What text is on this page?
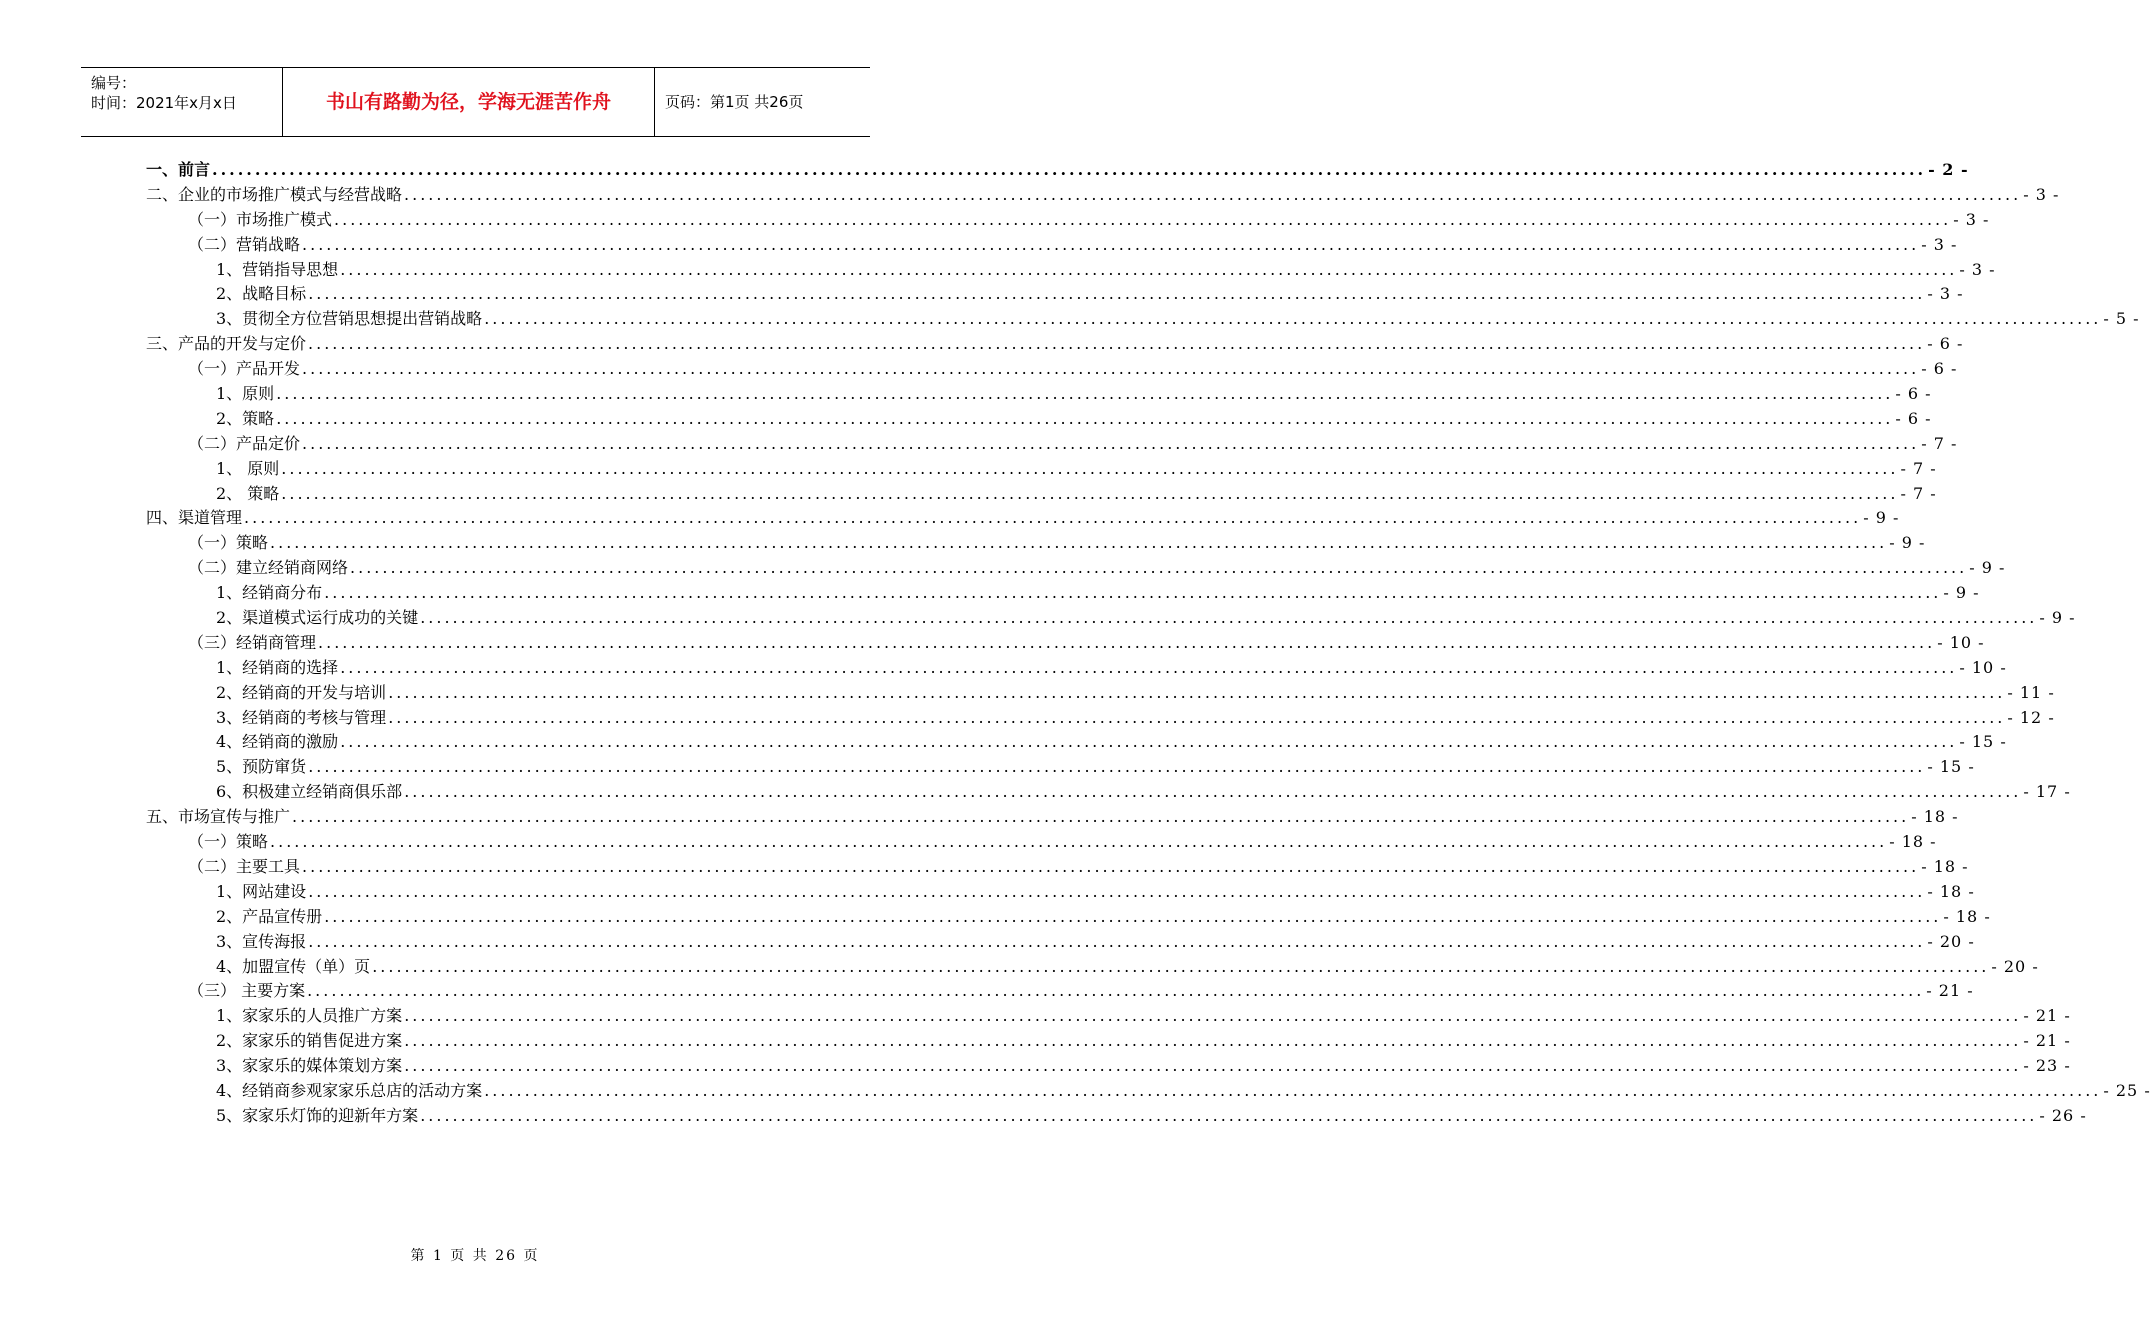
编号：
时间：2021年x月x日	书山有路勤为径，学海无涯苦作舟	页码：第1页 共26页
一、前言 ........................................................................................................................................................................................................ - 2 -
二、企业的市场推广模式与经营战略 ........................................................................................................................................................................................................ - 3 -
（一）市场推广模式 ........................................................................................................................................................................................................ - 3 -
（二）营销战略 ........................................................................................................................................................................................................ - 3 -
1、营销指导思想 ........................................................................................................................................................................................................ - 3 -
2、战略目标 ........................................................................................................................................................................................................ - 3 -
3、贯彻全方位营销思想提出营销战略 ........................................................................................................................................................................................................ - 5 -
三、产品的开发与定价 ........................................................................................................................................................................................................ - 6 -
（一）产品开发 ........................................................................................................................................................................................................ - 6 -
1、原则 ........................................................................................................................................................................................................ - 6 -
2、策略 ........................................................................................................................................................................................................ - 6 -
（二）产品定价 ........................................................................................................................................................................................................ - 7 -
1、 原则 ........................................................................................................................................................................................................ - 7 -
2、 策略 ........................................................................................................................................................................................................ - 7 -
四、渠道管理 ........................................................................................................................................................................................................ - 9 -
（一）策略 ........................................................................................................................................................................................................ - 9 -
（二）建立经销商网络 ........................................................................................................................................................................................................ - 9 -
1、经销商分布 ........................................................................................................................................................................................................ - 9 -
2、渠道模式运行成功的关键 ........................................................................................................................................................................................................ - 9 -
（三）经销商管理 ........................................................................................................................................................................................................ - 10 -
1、经销商的选择 ........................................................................................................................................................................................................ - 10 -
2、经销商的开发与培训 ........................................................................................................................................................................................................ - 11 -
3、经销商的考核与管理 ........................................................................................................................................................................................................ - 12 -
4、经销商的激励 ........................................................................................................................................................................................................ - 15 -
5、预防窜货 ........................................................................................................................................................................................................ - 15 -
6、积极建立经销商俱乐部 ........................................................................................................................................................................................................ - 17 -
五、市场宣传与推广 ........................................................................................................................................................................................................ - 18 -
（一）策略 ........................................................................................................................................................................................................ - 18 -
（二）主要工具 ........................................................................................................................................................................................................ - 18 -
1、网站建设 ........................................................................................................................................................................................................ - 18 -
2、产品宣传册 ........................................................................................................................................................................................................ - 18 -
3、宣传海报 ........................................................................................................................................................................................................ - 20 -
4、加盟宣传（单）页 ........................................................................................................................................................................................................ - 20 -
（三） 主要方案 ........................................................................................................................................................................................................ - 21 -
1、家家乐的人员推广方案 ........................................................................................................................................................................................................ - 21 -
2、家家乐的销售促进方案 ........................................................................................................................................................................................................ - 21 -
3、家家乐的媒体策划方案 ........................................................................................................................................................................................................ - 23 -
4、经销商参观家家乐总店的活动方案 ........................................................................................................................................................................................................ - 25 -
5、家家乐灯饰的迎新年方案 ........................................................................................................................................................................................................ - 26 -
第 1 页 共 26 页
